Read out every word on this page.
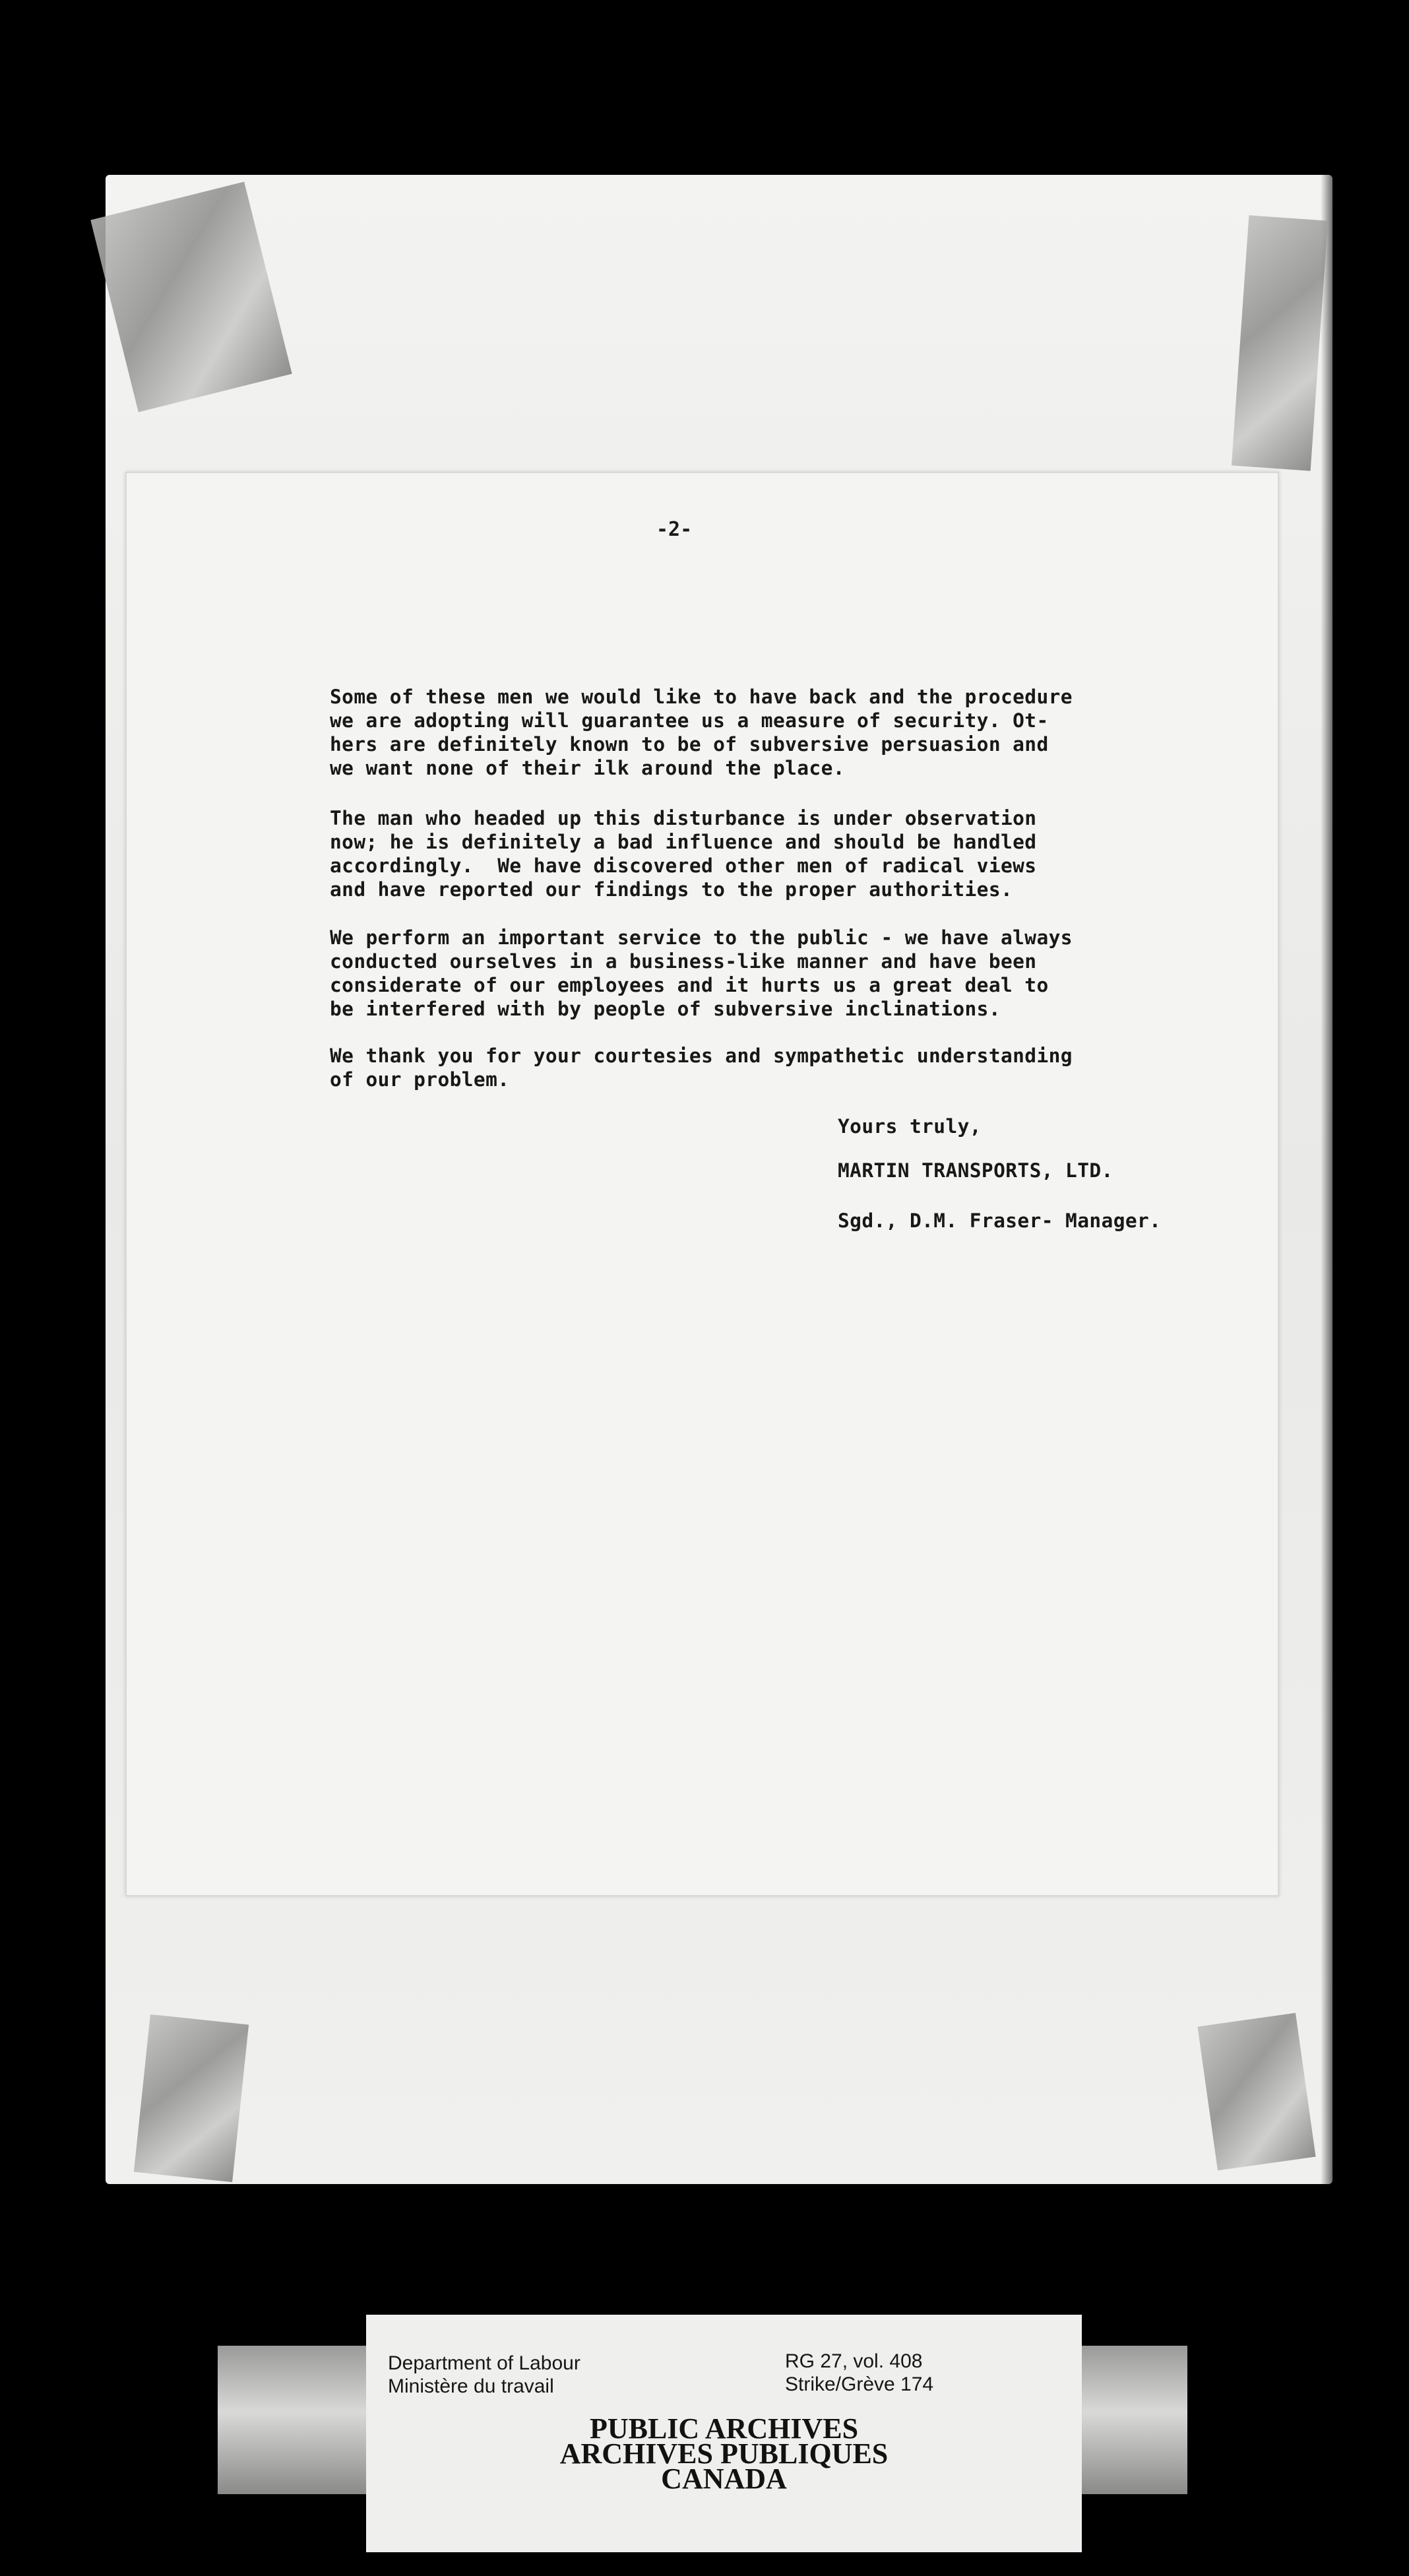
-2-

Some of these men we would like to have back and the procedure
we are adopting will guarantee us a measure of security. Ot-
hers are definitely known to be of subversive persuasion and
we want none of their ilk around the place.

The man who headed up this disturbance is under observation
now; he is definitely a bad influence and should be handled
accordingly.  We have discovered other men of radical views
and have reported our findings to the proper authorities.

We perform an important service to the public - we have always
conducted ourselves in a business-like manner and have been
considerate of our employees and it hurts us a great deal to
be interfered with by people of subversive inclinations.

We thank you for your courtesies and sympathetic understanding
of our problem.

Yours truly,
MARTIN TRANSPORTS, LTD.
Sgd., D.M. Fraser- Manager.
Department of Labour
Ministère du travail
RG 27, vol. 408
Strike/Grève 174
PUBLIC ARCHIVES
ARCHIVES PUBLIQUES
CANADA
